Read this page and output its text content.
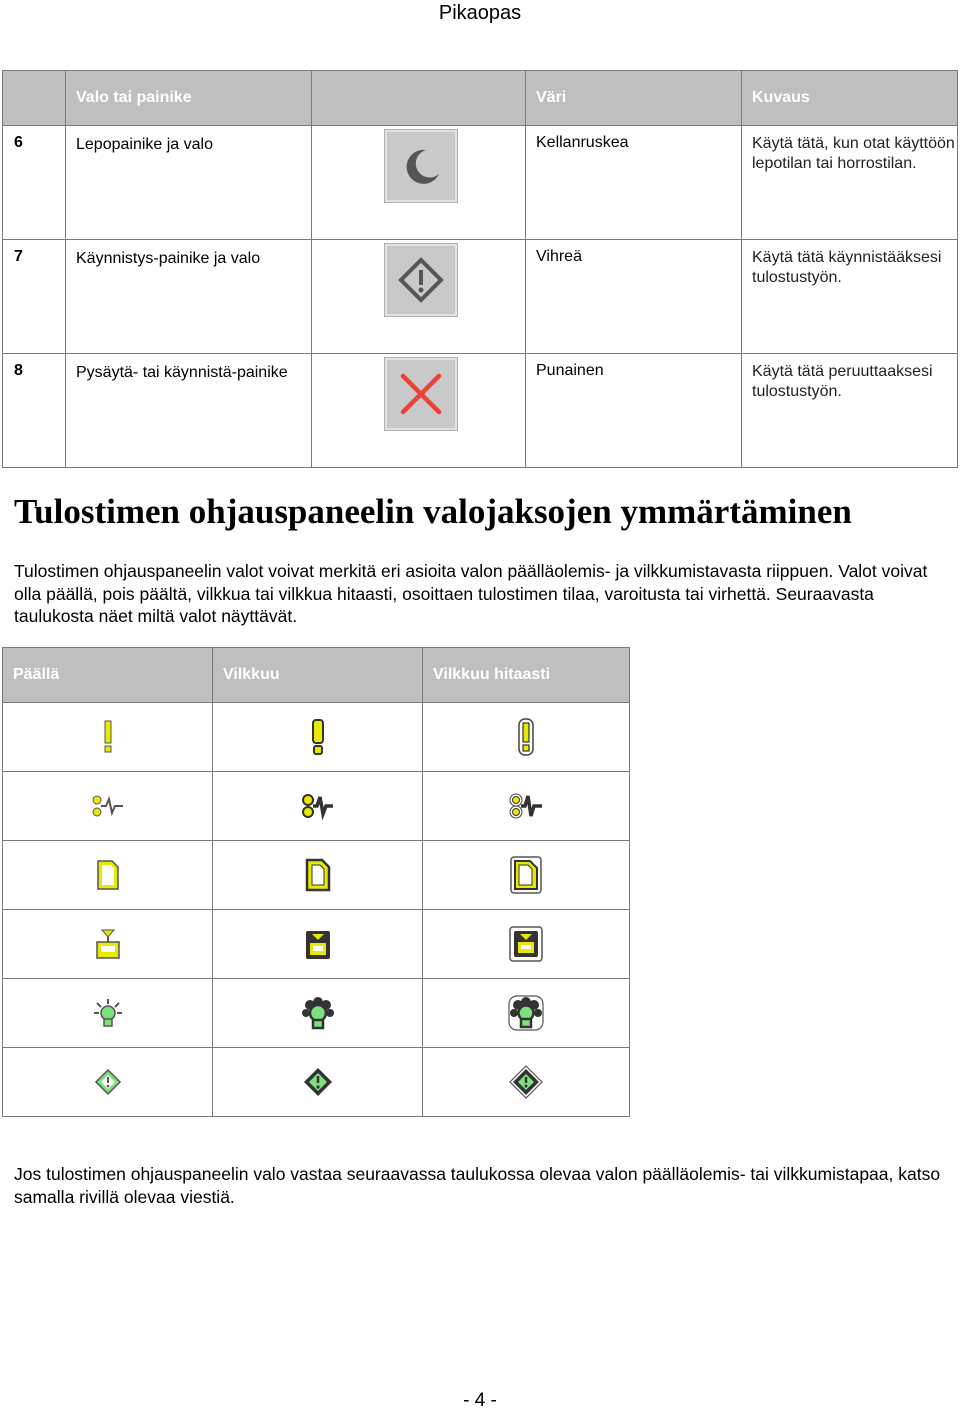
Pikaopas
	Valo tai painike		Väri	Kuvaus
6	Lepopainike ja valo		Kellanruskea	Käytä tätä, kun otat käyttöön lepotilan tai horrostilan.
7	Käynnistys-painike ja valo		Vihreä	Käytä tätä käynnistääksesi tulostustyön.
8	Pysäytä- tai käynnistä-painike		Punainen	Käytä tätä peruuttaaksesi tulostustyön.
Tulostimen ohjauspaneelin valojaksojen ymmärtäminen

Tulostimen ohjauspaneelin valot voivat merkitä eri asioita valon päälläolemis- ja vilkkumistavasta riippuen. Valot voivat olla päällä, pois päältä, vilkkua tai vilkkua hitaasti, osoittaen tulostimen tilaa, varoitusta tai virhettä. Seuraavasta taulukosta näet miltä valot näyttävät.

Päällä	Vilkkuu	Vilkkuu hitaasti

Jos tulostimen ohjauspaneelin valo vastaa seuraavassa taulukossa olevaa valon päälläolemis- tai vilkkumistapaa, katso samalla rivillä olevaa viestiä.

- 4 -
